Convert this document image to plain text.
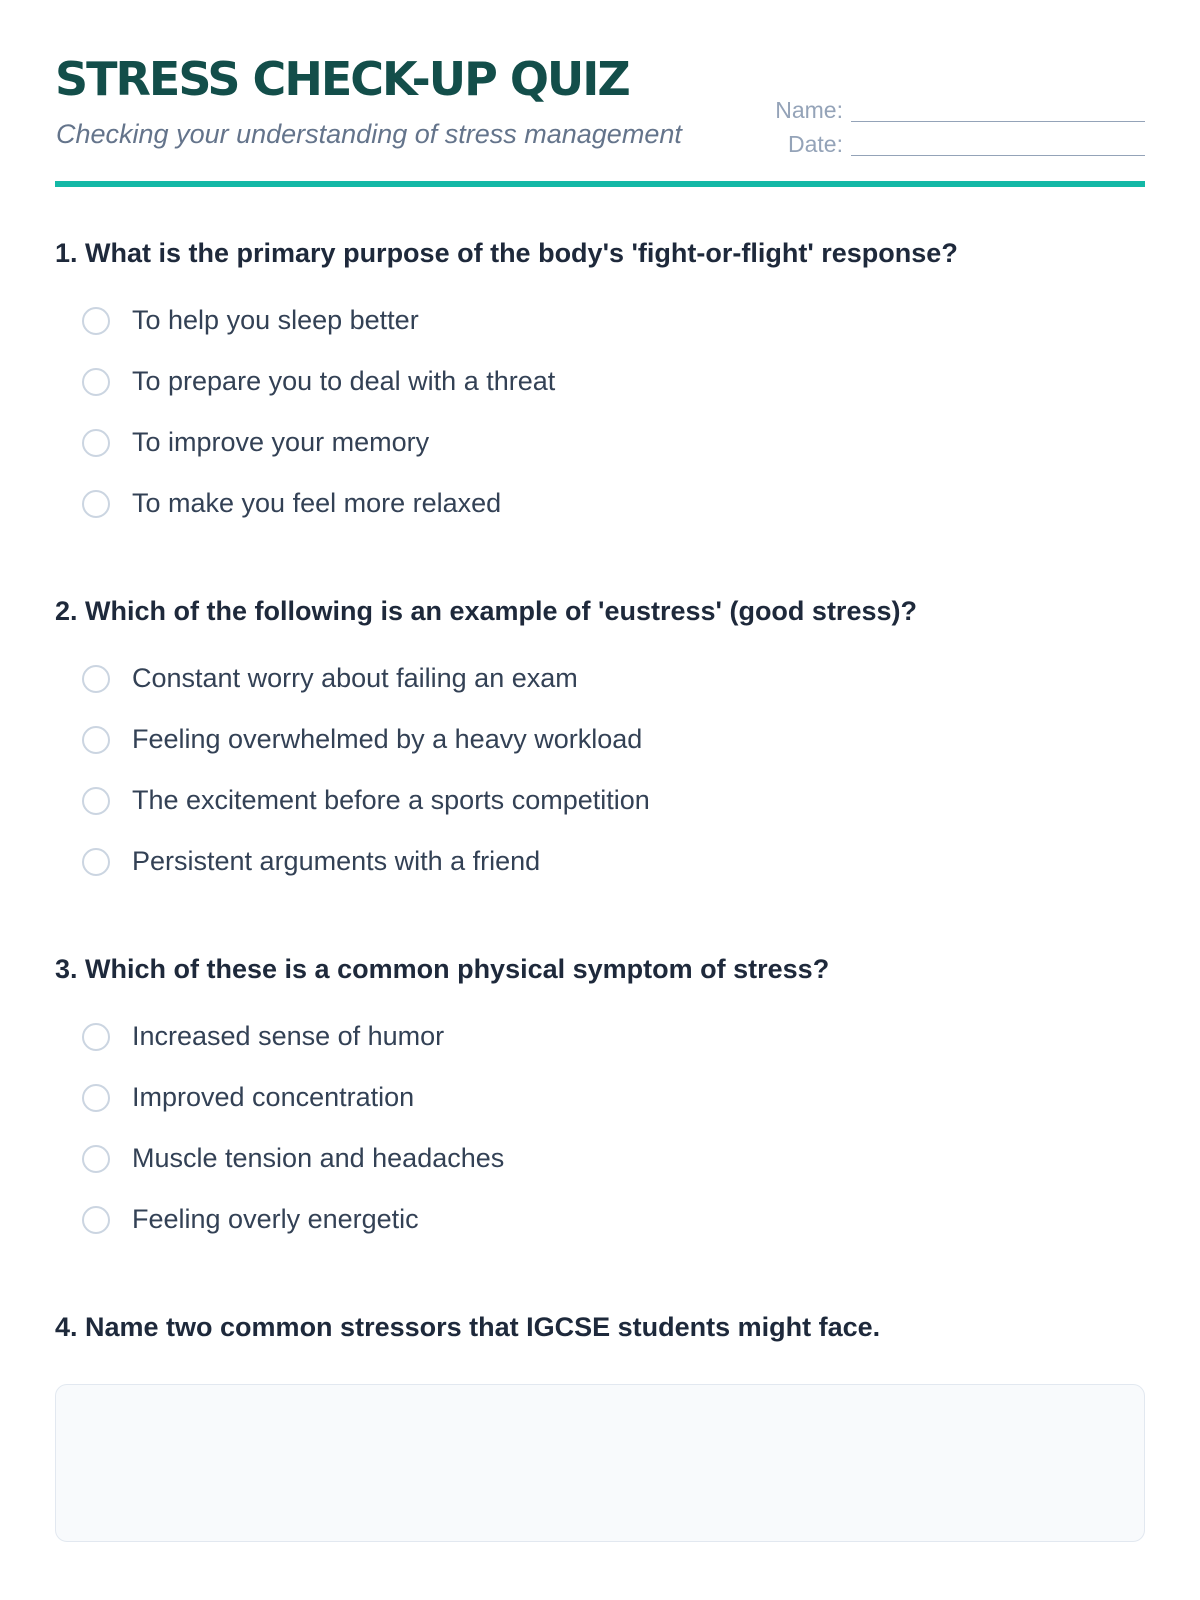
STRESS CHECK-UP QUIZ

Checking your understanding of stress management

Name:
Date:

1. What is the primary purpose of the body's 'fight-or-flight' response?

To help you sleep better
To prepare you to deal with a threat
To improve your memory
To make you feel more relaxed

2. Which of the following is an example of 'eustress' (good stress)?

Constant worry about failing an exam
Feeling overwhelmed by a heavy workload
The excitement before a sports competition
Persistent arguments with a friend

3. Which of these is a common physical symptom of stress?

Increased sense of humor
Improved concentration
Muscle tension and headaches
Feeling overly energetic

4. Name two common stressors that IGCSE students might face.
